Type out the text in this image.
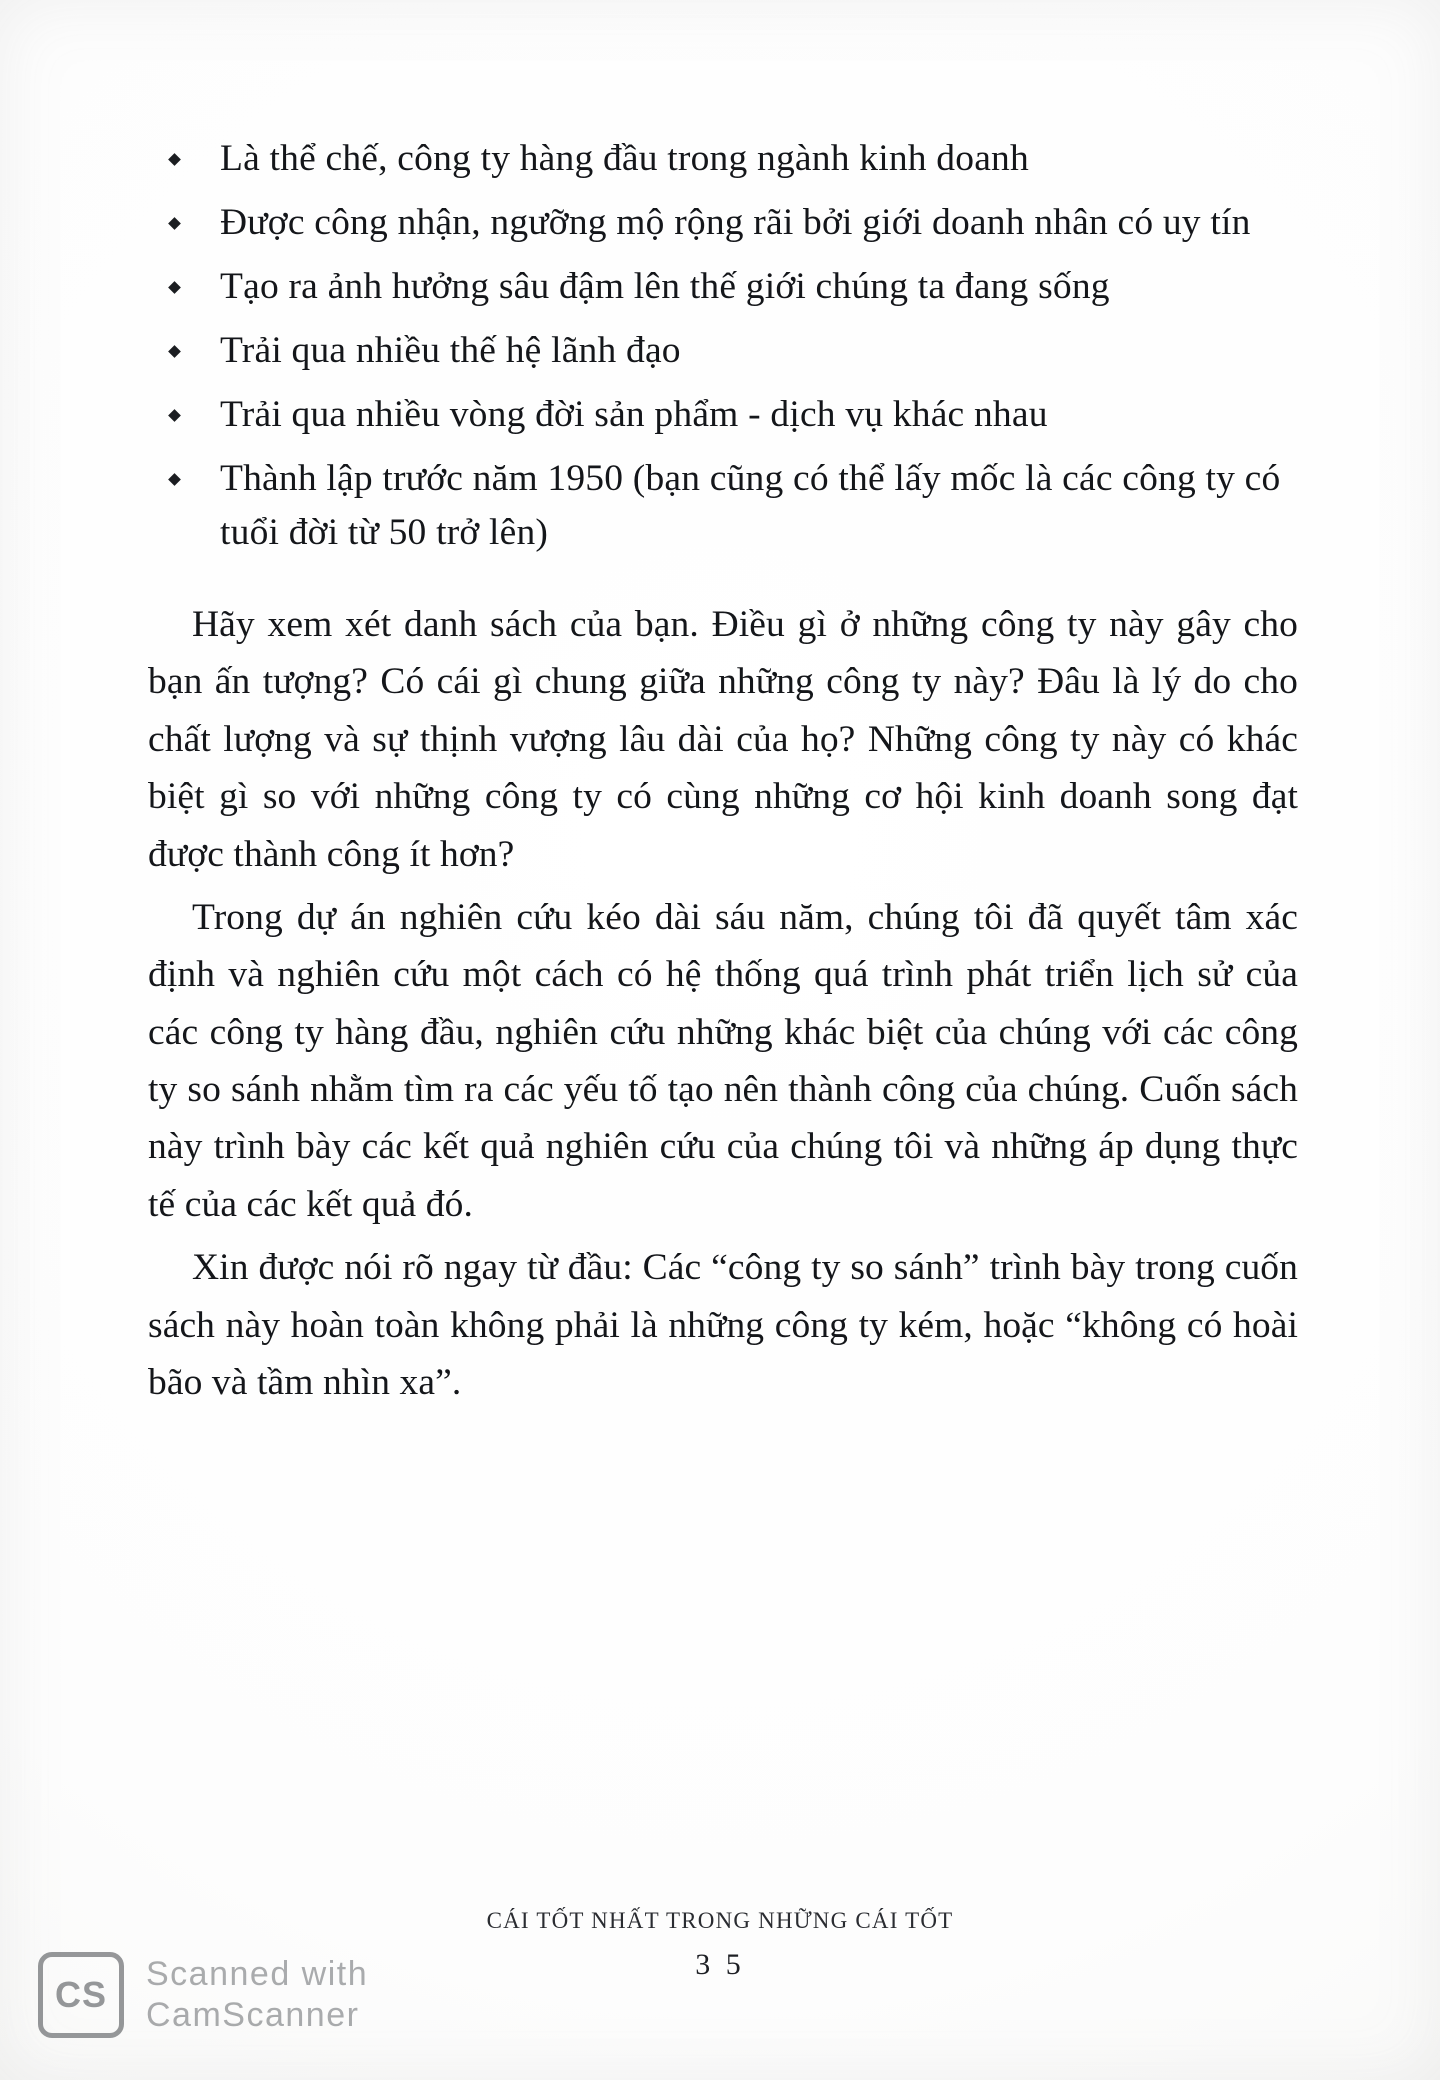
Là thể chế, công ty hàng đầu trong ngành kinh doanh
Được công nhận, ngưỡng mộ rộng rãi bởi giới doanh nhân có uy tín
Tạo ra ảnh hưởng sâu đậm lên thế giới chúng ta đang sống
Trải qua nhiều thế hệ lãnh đạo
Trải qua nhiều vòng đời sản phẩm - dịch vụ khác nhau
Thành lập trước năm 1950 (bạn cũng có thể lấy mốc là các công ty có tuổi đời từ 50 trở lên)

Hãy xem xét danh sách của bạn. Điều gì ở những công ty này gây cho bạn ấn tượng? Có cái gì chung giữa những công ty này? Đâu là lý do cho chất lượng và sự thịnh vượng lâu dài của họ? Những công ty này có khác biệt gì so với những công ty có cùng những cơ hội kinh doanh song đạt được thành công ít hơn?

Trong dự án nghiên cứu kéo dài sáu năm, chúng tôi đã quyết tâm xác định và nghiên cứu một cách có hệ thống quá trình phát triển lịch sử của các công ty hàng đầu, nghiên cứu những khác biệt của chúng với các công ty so sánh nhằm tìm ra các yếu tố tạo nên thành công của chúng. Cuốn sách này trình bày các kết quả nghiên cứu của chúng tôi và những áp dụng thực tế của các kết quả đó.

Xin được nói rõ ngay từ đầu: Các “công ty so sánh” trình bày trong cuốn sách này hoàn toàn không phải là những công ty kém, hoặc “không có hoài bão và tầm nhìn xa”.

CÁI TỐT NHẤT TRONG NHỮNG CÁI TỐT
3 5
CS
Scanned with
CamScanner
